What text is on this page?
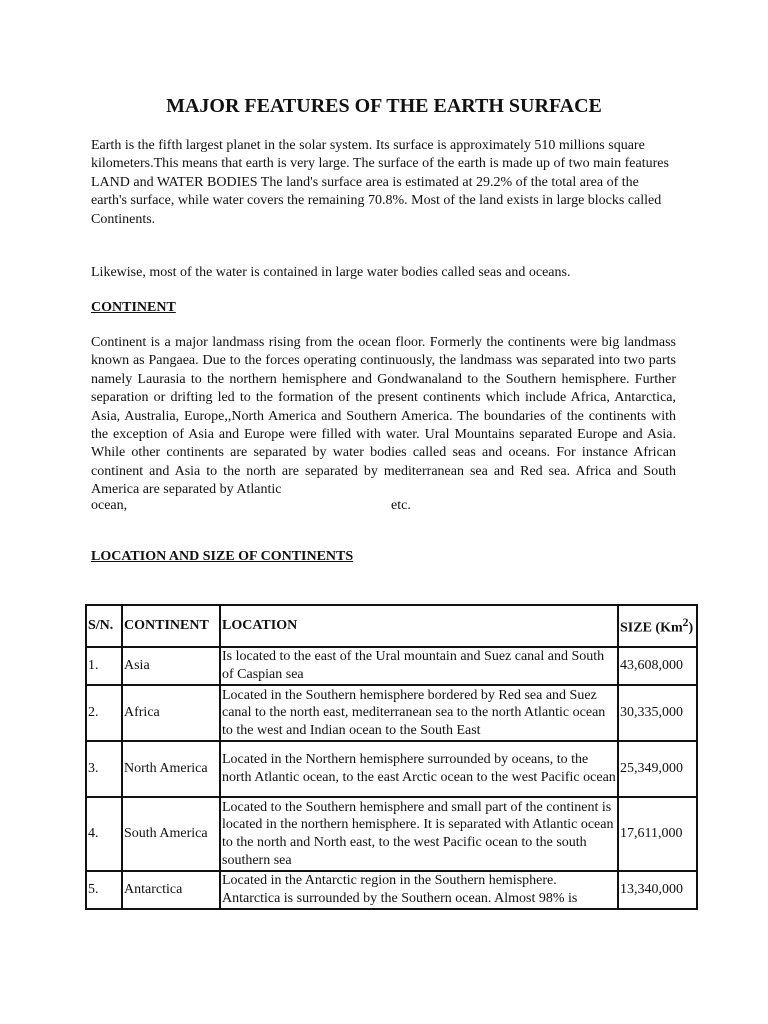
MAJOR FEATURES OF THE EARTH SURFACE

Earth is the fifth largest planet in the solar system. Its surface is approximately 510 millions square kilometers.This means that earth is very large. The surface of the earth is made up of two main features LAND and WATER BODIES The land's surface area is estimated at 29.2% of the total area of the earth's surface, while water covers the remaining 70.8%. Most of the land exists in large blocks called Continents.

Likewise, most of the water is contained in large water bodies called seas and oceans.

CONTINENT

Continent is a major landmass rising from the ocean floor. Formerly the continents were big landmass known as Pangaea. Due to the forces operating continuously, the landmass was separated into two parts namely Laurasia to the northern hemisphere and Gondwanaland to the Southern hemisphere. Further separation or drifting led to the formation of the present continents which include Africa, Antarctica, Asia, Australia, Europe,,North America and Southern America. The boundaries of the continents with the exception of Asia and Europe were filled with water. Ural Mountains separated Europe and Asia. While other continents are separated by water bodies called seas and oceans. For instance African continent and Asia to the north are separated by mediterranean sea and Red sea. Africa and South America are separated by Atlantic

ocean,	etc.
LOCATION AND SIZE OF CONTINENTS
S/N.	CONTINENT	LOCATION	SIZE (Km$^2$)
1.	Asia	Is located to the east of the Ural mountain and Suez canal and South of Caspian sea	43,608,000
2.	Africa	Located in the Southern hemisphere bordered by Red sea and Suez canal to the north east, mediterranean sea to the north Atlantic ocean to the west and Indian ocean to the South East	30,335,000
3.	North America	Located in the Northern hemisphere surrounded by oceans, to the north Atlantic ocean, to the east Arctic ocean to the west Pacific ocean	25,349,000
4.	South America	Located to the Southern hemisphere and small part of the continent is located in the northern hemisphere. It is separated with Atlantic ocean to the north and North east, to the west Pacific ocean to the south southern sea	17,611,000
5.	Antarctica	Located in the Antarctic region in the Southern hemisphere. Antarctica is surrounded by the Southern ocean. Almost 98% is	13,340,000
